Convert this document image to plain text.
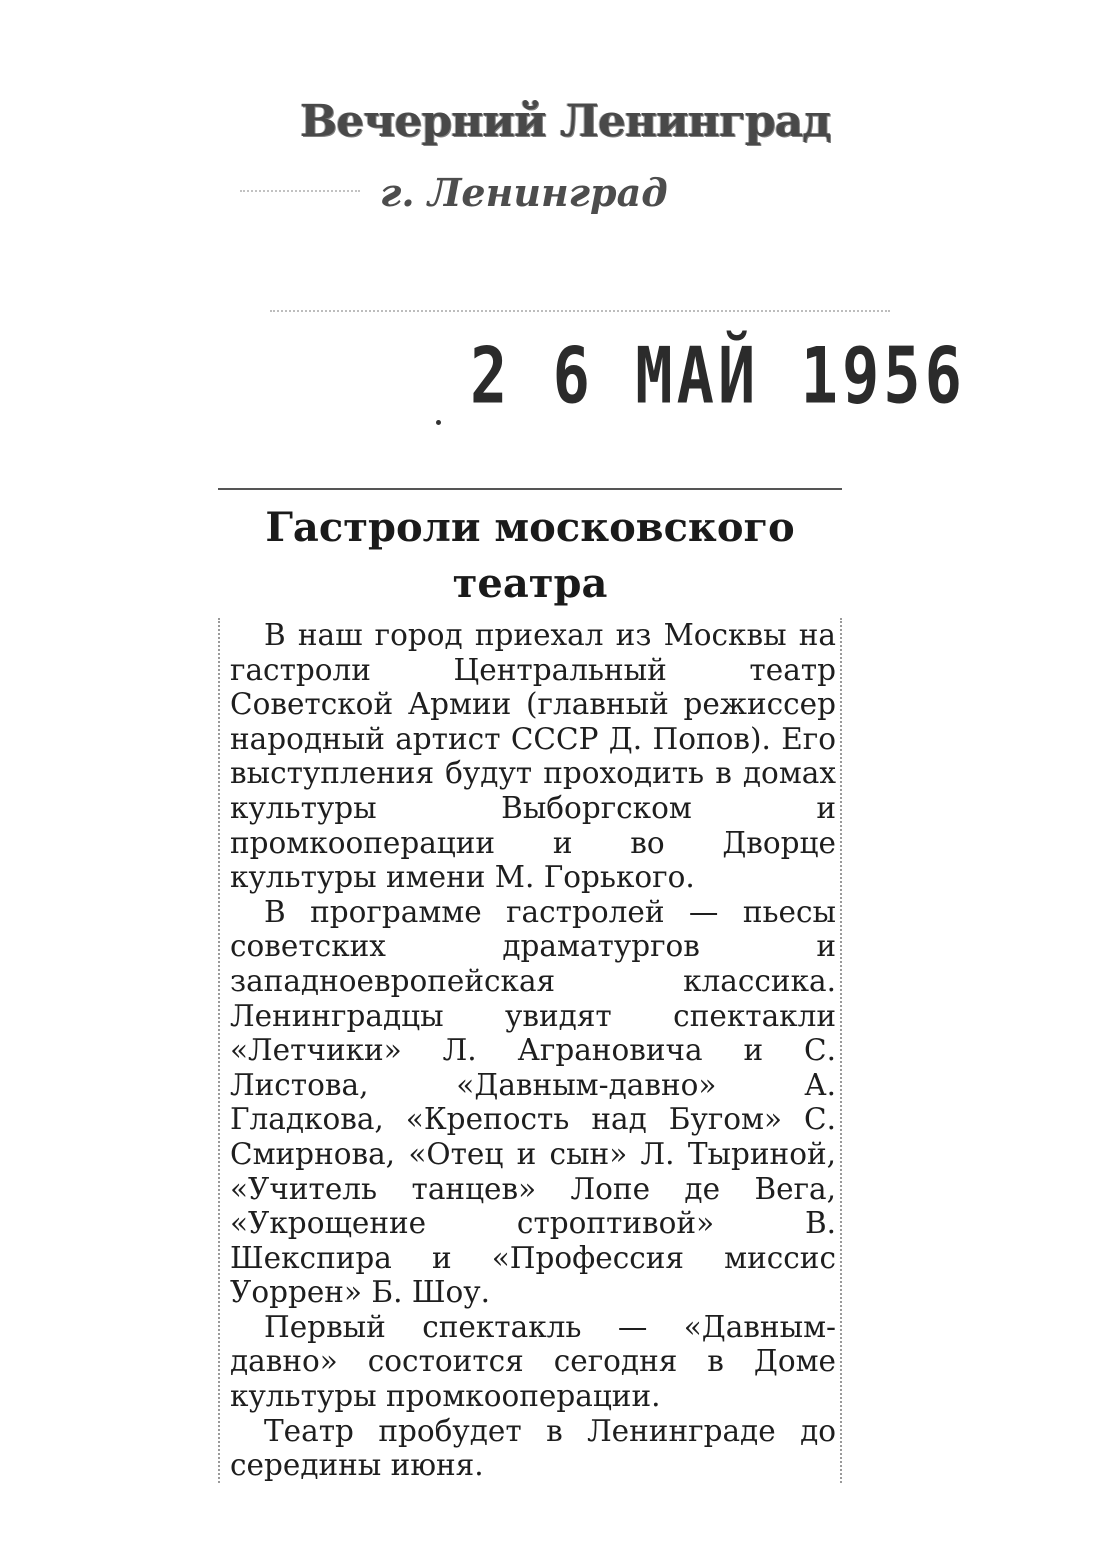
Вечерний Ленинград
г. Ленинград
2 6 МАЙ 1956
Гастроли московского
театра

В наш город приехал из Москвы на гастроли Центральный театр Советской Армии (главный режиссер народный артист СССР Д. Попов). Его выступления будут проходить в домах культуры Выборгском и промкооперации и во Дворце культуры имени М. Горького.

В программе гастролей — пьесы советских драматургов и западноевропейская классика. Ленинградцы увидят спектакли «Летчики» Л. Аграновича и С. Листова, «Давным-давно» А. Гладкова, «Крепость над Бугом» С. Смирнова, «Отец и сын» Л. Тыриной, «Учитель танцев» Лопе де Вега, «Укрощение строптивой» В. Шекспира и «Профессия миссис Уоррен» Б. Шоу.

Первый спектакль — «Давным-давно» состоится сегодня в Доме культуры промкооперации.

Театр пробудет в Ленинграде до середины июня.
